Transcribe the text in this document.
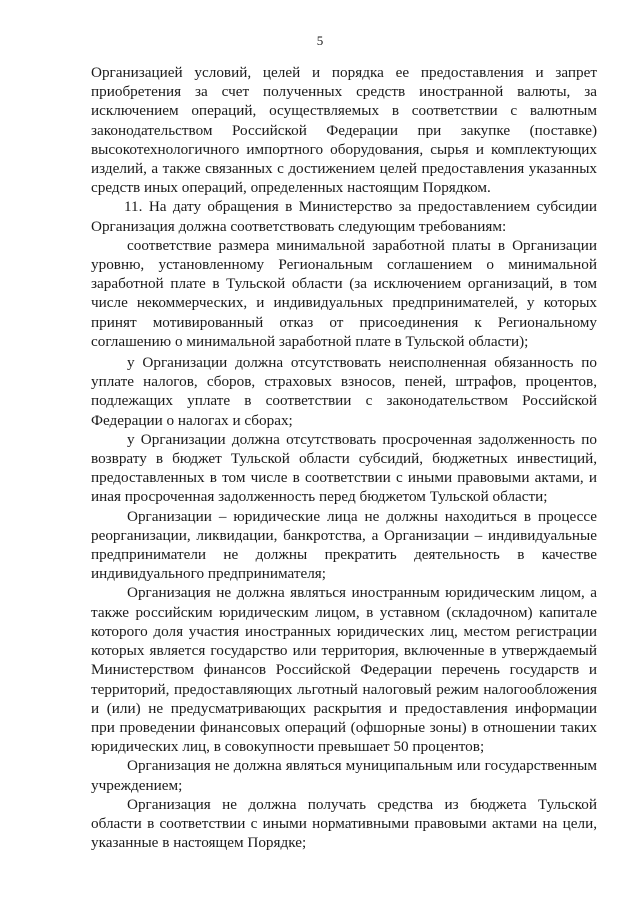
5

Организацией условий, целей и порядка ее предоставления и запрет приобретения за счет полученных средств иностранной валюты, за исключением операций, осуществляемых в соответствии с валютным законодательством Российской Федерации при закупке (поставке) высокотехнологичного импортного оборудования, сырья и комплектующих изделий, а также связанных с достижением целей предоставления указанных средств иных операций, определенных настоящим Порядком.

11. На дату обращения в Министерство за предоставлением субсидии Организация должна соответствовать следующим требованиям:

соответствие размера минимальной заработной платы в Организации уровню, установленному Региональным соглашением о минимальной заработной плате в Тульской области (за исключением организаций, в том числе некоммерческих, и индивидуальных предпринимателей, у которых принят мотивированный отказ от присоединения к Региональному соглашению о минимальной заработной плате в Тульской области);

у Организации должна отсутствовать неисполненная обязанность по уплате налогов, сборов, страховых взносов, пеней, штрафов, процентов, подлежащих уплате в соответствии с законодательством Российской Федерации о налогах и сборах;

у Организации должна отсутствовать просроченная задолженность по возврату в бюджет Тульской области субсидий, бюджетных инвестиций, предоставленных в том числе в соответствии с иными правовыми актами, и иная просроченная задолженность перед бюджетом Тульской области;

Организации – юридические лица не должны находиться в процессе реорганизации, ликвидации, банкротства, а Организации – индивидуальные предприниматели не должны прекратить деятельность в качестве индивидуального предпринимателя;

Организация не должна являться иностранным юридическим лицом, а также российским юридическим лицом, в уставном (складочном) капитале которого доля участия иностранных юридических лиц, местом регистрации которых является государство или территория, включенные в утверждаемый Министерством финансов Российской Федерации перечень государств и территорий, предоставляющих льготный налоговый режим налогообложения и (или) не предусматривающих раскрытия и предоставления информации при проведении финансовых операций (офшорные зоны) в отношении таких юридических лиц, в совокупности превышает 50 процентов;

Организация не должна являться муниципальным или государственным учреждением;

Организация не должна получать средства из бюджета Тульской области в соответствии с иными нормативными правовыми актами на цели, указанные в настоящем Порядке;
